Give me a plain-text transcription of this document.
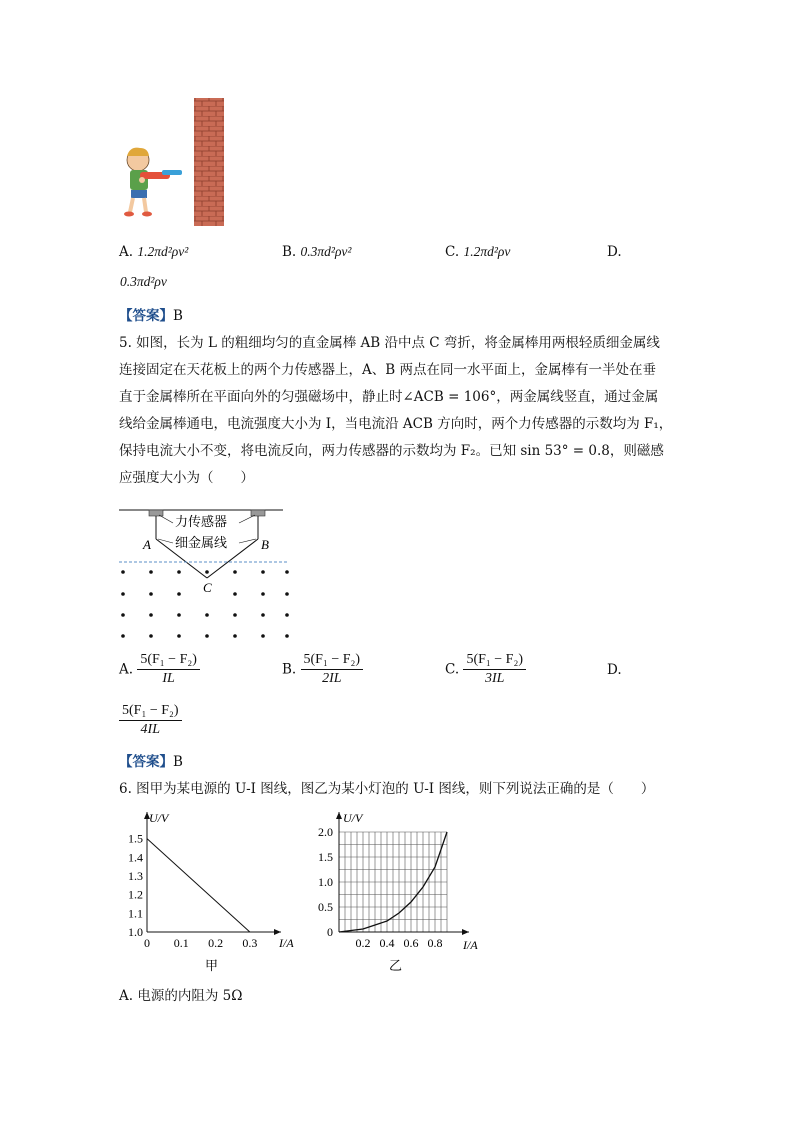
A. 1.2πd²ρv²	B. 0.3πd²ρv²	C. 1.2πd²ρv	D.
0.3πd²ρv
【答案】B
5. 如图，长为 L 的粗细均匀的直金属棒 AB 沿中点 C 弯折，将金属棒用两根轻质细金属线
连接固定在天花板上的两个力传感器上，A、B 两点在同一水平面上，金属棒有一半处在垂
直于金属棒所在平面向外的匀强磁场中，静止时∠ACB = 106°，两金属线竖直，通过金属
线给金属棒通电，电流强度大小为 I，当电流沿 ACB 方向时，两个力传感器的示数均为 F₁，
保持电流大小不变，将电流反向，两力传感器的示数均为 F₂。已知 sin 53° = 0.8，则磁感
应强度大小为（　　）
力传感器
细金属线
A	B
C
A. $\frac{\text{5(F₁ − F₂)}}{IL}$	B. $\frac{\text{5(F₁ − F₂)}}{2IL}$	C. $\frac{\text{5(F₁ − F₂)}}{3IL}$	D.
$\frac{\text{5(F₁ − F₂)}}{4IL}$
【答案】B
6. 图甲为某电源的 U-I 图线，图乙为某小灯泡的 U-I 图线，则下列说法正确的是（　　）
1.0
1.1
1.2
1.3
1.4
1.5
0 0.1 0.2 0.3
U/V
I/A
甲
0
0.5
1.0
1.5
2.0
0.2 0.4 0.6 0.8
U/V
I/A
乙
A. 电源的内阻为 5Ω
